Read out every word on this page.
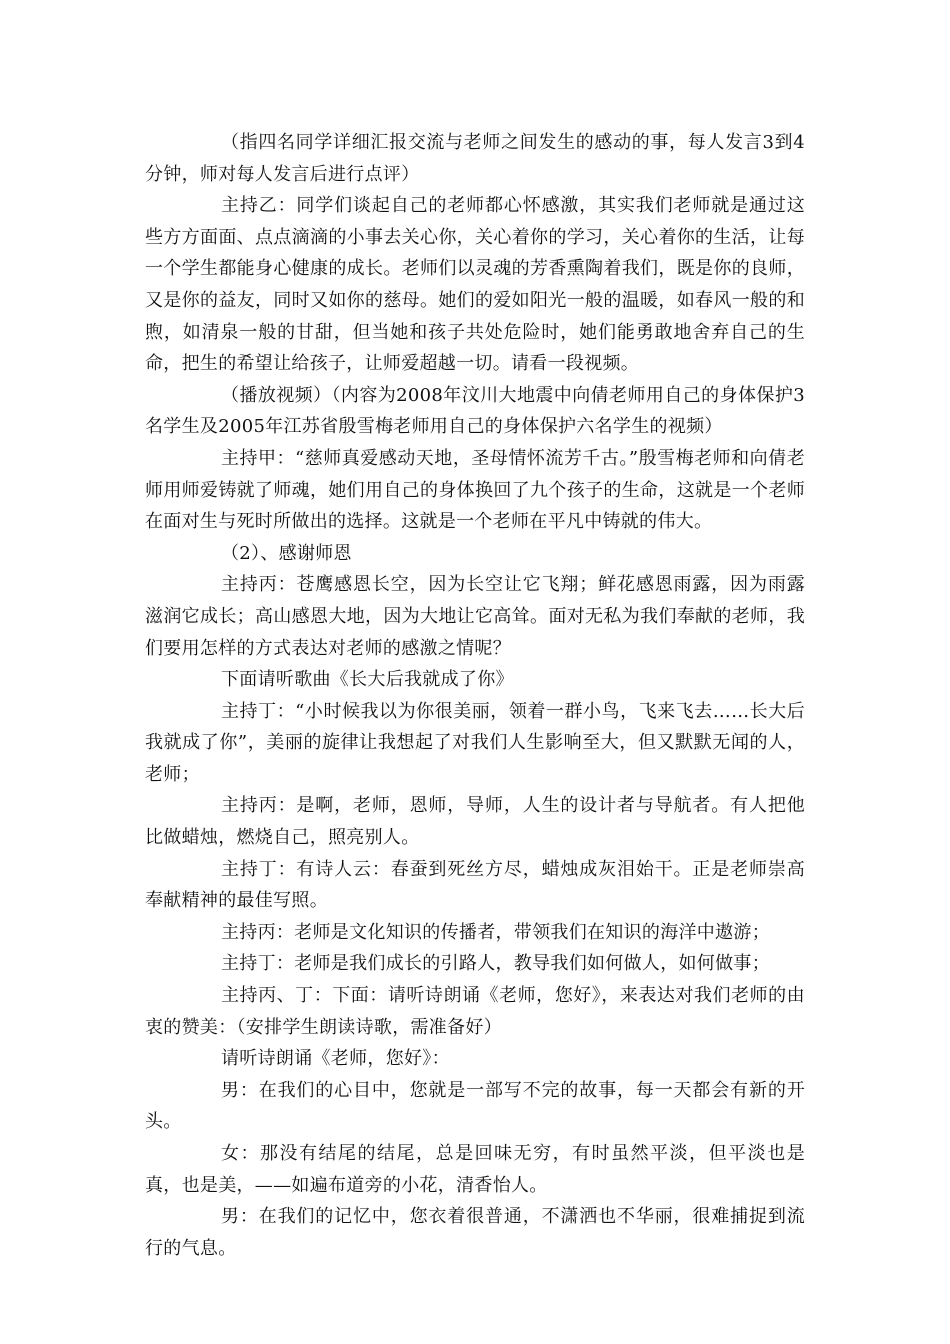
（指四名同学详细汇报交流与老师之间发生的感动的事，每人发言3到4分钟，师对每人发言后进行点评）

主持乙：同学们谈起自己的老师都心怀感激，其实我们老师就是通过这些方方面面、点点滴滴的小事去关心你，关心着你的学习，关心着你的生活，让每一个学生都能身心健康的成长。老师们以灵魂的芳香熏陶着我们，既是你的良师，又是你的益友，同时又如你的慈母。她们的爱如阳光一般的温暖，如春风一般的和煦，如清泉一般的甘甜，但当她和孩子共处危险时，她们能勇敢地舍弃自己的生命，把生的希望让给孩子，让师爱超越一切。请看一段视频。

（播放视频）（内容为2008年汶川大地震中向倩老师用自己的身体保护3名学生及2005年江苏省殷雪梅老师用自己的身体保护六名学生的视频）

主持甲：“慈师真爱感动天地，圣母情怀流芳千古。”殷雪梅老师和向倩老师用师爱铸就了师魂，她们用自己的身体换回了九个孩子的生命，这就是一个老师在面对生与死时所做出的选择。这就是一个老师在平凡中铸就的伟大。

（2）、感谢师恩

主持丙：苍鹰感恩长空，因为长空让它飞翔；鲜花感恩雨露，因为雨露滋润它成长；高山感恩大地，因为大地让它高耸。面对无私为我们奉献的老师，我们要用怎样的方式表达对老师的感激之情呢？

下面请听歌曲《长大后我就成了你》

主持丁：“小时候我以为你很美丽，领着一群小鸟，飞来飞去……长大后我就成了你”，美丽的旋律让我想起了对我们人生影响至大，但又默默无闻的人，老师；

主持丙：是啊，老师，恩师，导师，人生的设计者与导航者。有人把他比做蜡烛，燃烧自己，照亮别人。

主持丁：有诗人云：春蚕到死丝方尽，蜡烛成灰泪始干。正是老师崇高奉献精神的最佳写照。

主持丙：老师是文化知识的传播者，带领我们在知识的海洋中遨游；

主持丁：老师是我们成长的引路人，教导我们如何做人，如何做事；

主持丙、丁：下面：请听诗朗诵《老师，您好》，来表达对我们老师的由衷的赞美：（安排学生朗读诗歌，需准备好）

请听诗朗诵《老师，您好》：

男：在我们的心目中，您就是一部写不完的故事，每一天都会有新的开头。

女：那没有结尾的结尾，总是回味无穷，有时虽然平淡，但平淡也是真，也是美，——如遍布道旁的小花，清香怡人。

男：在我们的记忆中，您衣着很普通，不潇洒也不华丽，很难捕捉到流行的气息。
